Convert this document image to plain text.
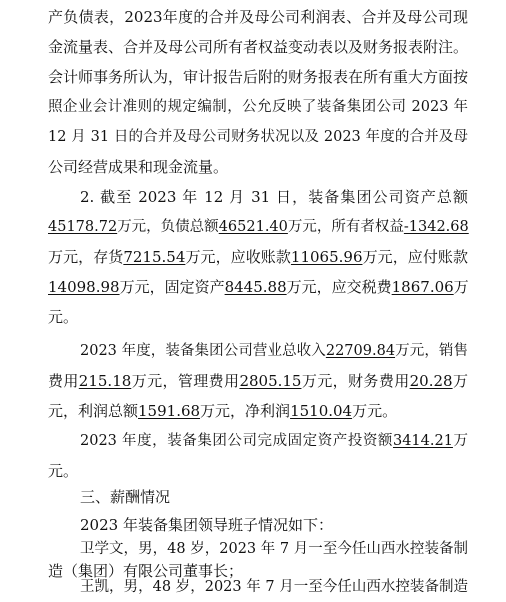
产负债表，2023年度的合并及母公司利润表、合并及母公司现
金流量表、合并及母公司所有者权益变动表以及财务报表附注。
会计师事务所认为，审计报告后附的财务报表在所有重大方面按
照企业会计准则的规定编制，公允反映了装备集团公司 2023 年
12 月 31 日的合并及母公司财务状况以及 2023 年度的合并及母
公司经营成果和现金流量。
2. 截至 2023 年 12 月 31 日，装备集团公司资产总额
45178.72万元，负债总额46521.40万元，所有者权益-1342.68
万元，存货7215.54万元，应收账款11065.96万元，应付账款
14098.98万元，固定资产8445.88万元，应交税费1867.06万
元。
2023 年度，装备集团公司营业总收入22709.84万元，销售
费用215.18万元，管理费用2805.15万元，财务费用20.28万
元，利润总额1591.68万元，净利润1510.04万元。
2023 年度，装备集团公司完成固定资产投资额3414.21万
元。
三、薪酬情况
2023 年装备集团领导班子情况如下：
卫学文，男，48 岁，2023 年 7 月一至今任山西水控装备制
造（集团）有限公司董事长；
王凯，男，48 岁，2023 年 7 月一至今任山西水控装备制造
